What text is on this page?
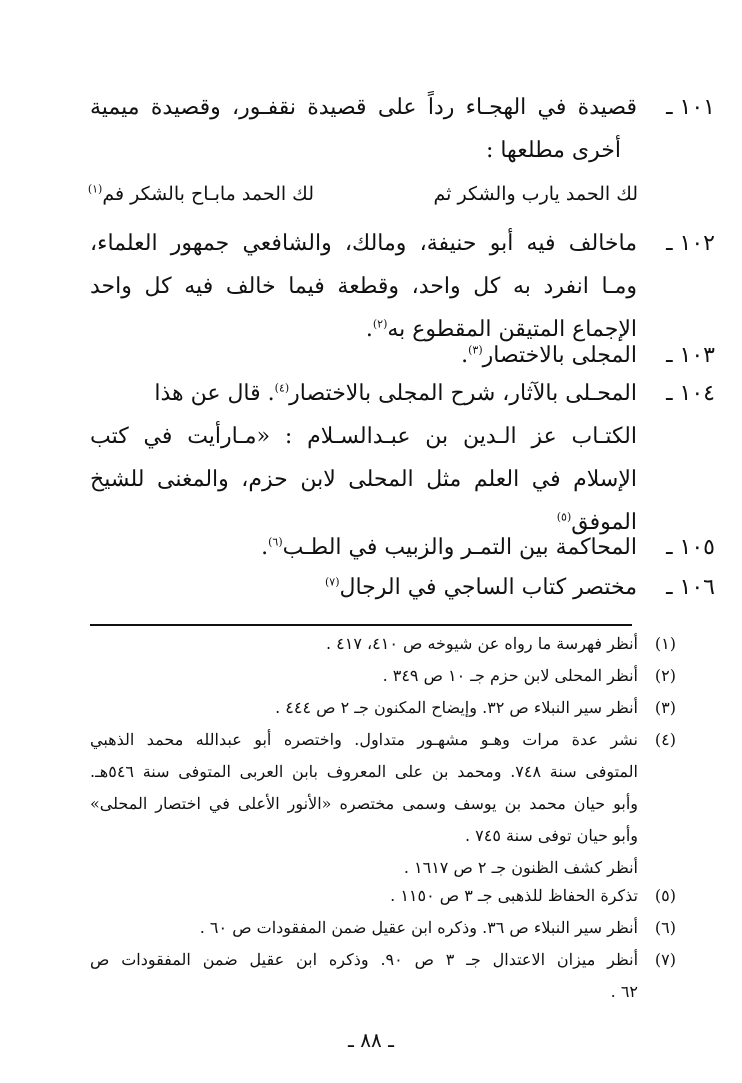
١٠١ ـ
قصيدة في الهجـاء رداً على قصيدة نقفـور، وقصيدة ميمية
أخرى مطلعها :
لك الحمد يارب والشكر ثم
لك الحمد مابـاح بالشكر فم$^{(١)}$
١٠٢ ـ
ماخالف فيه أبو حنيفة، ومالك، والشافعي جمهور العلماء،
ومـا انفرد به كل واحد، وقطعة فيما خالف فيه كل واحد
الإجماع المتيقن المقطوع به$^{(٢)}$.
١٠٣ ـ
المجلى بالاختصار$^{(٣)}$.
١٠٤ ـ
المحـلى بالآثار، شرح المجلى بالاختصار$^{(٤)}$. قال عن هذا
الكتـاب عز الـدين بن عبـدالسـلام : «مـارأيت في كتب
الإسلام في العلم مثل المحلى لابن حزم، والمغنى للشيخ
الموفق$^{(٥)}$
١٠٥ ـ
المحاكمة بين التمـر والزبيب في الطـب$^{(٦)}$.
١٠٦ ـ
مختصر كتاب الساجي في الرجال$^{(٧)}$
(١)
أنظر فهرسة ما رواه عن شيوخه ص ٤١٠، ٤١٧ .
(٢)
أنظر المحلى لابن حزم جـ ١٠ ص ٣٤٩ .
(٣)
أنظر سير النبلاء ص ٣٢. وإيضاح المكنون جـ ٢ ص ٤٤٤ .
(٤)
نشر عدة مرات وهـو مشهـور متداول. واختصره أبو عبدالله محمد الذهبي
المتوفى سنة ٧٤٨. ومحمد بن على المعروف بابن العربى المتوفى سنة ٥٤٦هـ.
وأبو حيان محمد بن يوسف وسمى مختصره «الأنور الأعلى في اختصار المحلى»
وأبو حيان توفى سنة ٧٤٥ .
أنظر كشف الظنون جـ ٢ ص ١٦١٧ .
(٥)
تذكرة الحفاظ للذهبى جـ ٣ ص ١١٥٠ .
(٦)
أنظر سير النبلاء ص ٣٦. وذكره ابن عقيل ضمن المفقودات ص ٦٠ .
(٧)
أنظر ميزان الاعتدال جـ ٣ ص ٩٠. وذكره ابن عقيل ضمن المفقودات ص
٦٢ .
ـ ٨٨ ـ
